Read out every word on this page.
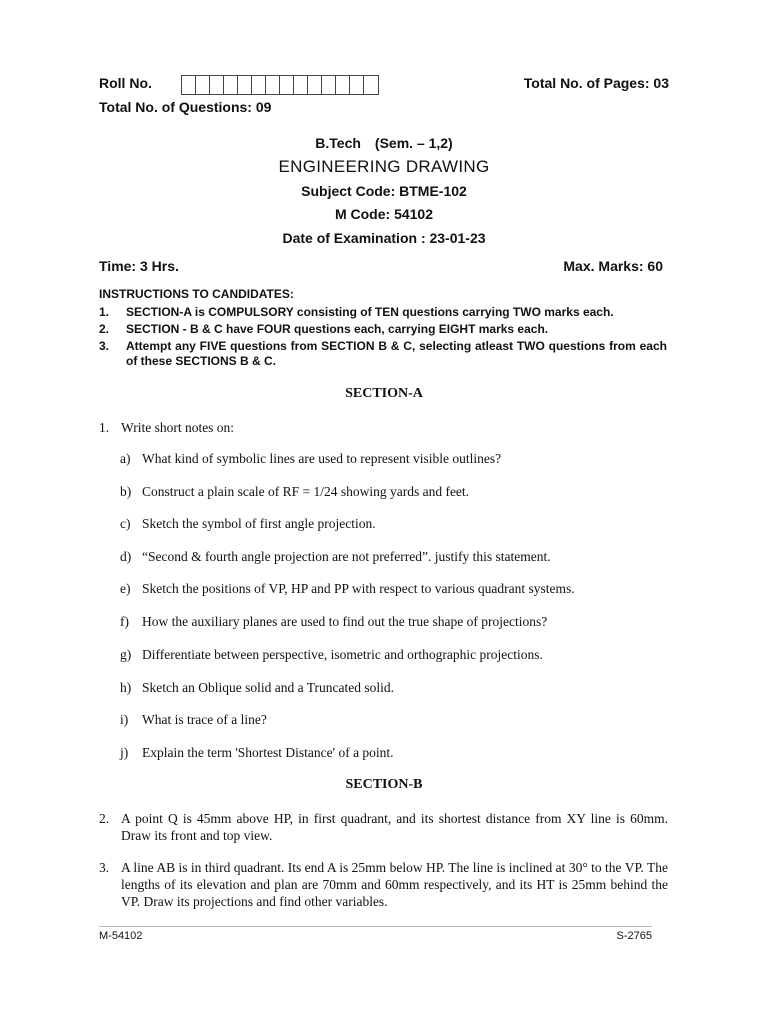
Roll No.	Total No. of Pages: 03
Total No. of Questions: 09
B.Tech (Sem. – 1,2)
ENGINEERING DRAWING
Subject Code: BTME-102
M Code: 54102
Date of Examination : 23-01-23
Time: 3 Hrs.	Max. Marks: 60
INSTRUCTIONS TO CANDIDATES:
1.	SECTION-A is COMPULSORY consisting of TEN questions carrying TWO marks each.
2.	SECTION - B & C have FOUR questions each, carrying EIGHT marks each.
3.	Attempt any FIVE questions from SECTION B & C, selecting atleast TWO questions from each of these SECTIONS B & C.
SECTION-A
1. Write short notes on:
a) What kind of symbolic lines are used to represent visible outlines?
b) Construct a plain scale of RF = 1/24 showing yards and feet.
c) Sketch the symbol of first angle projection.
d) “Second & fourth angle projection are not preferred”. justify this statement.
e) Sketch the positions of VP, HP and PP with respect to various quadrant systems.
f) How the auxiliary planes are used to find out the true shape of projections?
g) Differentiate between perspective, isometric and orthographic projections.
h) Sketch an Oblique solid and a Truncated solid.
i)	What is trace of a line?
j)	Explain the term 'Shortest Distance' of a point.
SECTION-B
2. A point Q is 45mm above HP, in first quadrant, and its shortest distance from XY line is 60mm. Draw its front and top view.
3. A line AB is in third quadrant. Its end A is 25mm below HP. The line is inclined at 30° to the VP. The lengths of its elevation and plan are 70mm and 60mm respectively, and its HT is 25mm behind the VP. Draw its projections and find other variables.
M-54102	S-2765
